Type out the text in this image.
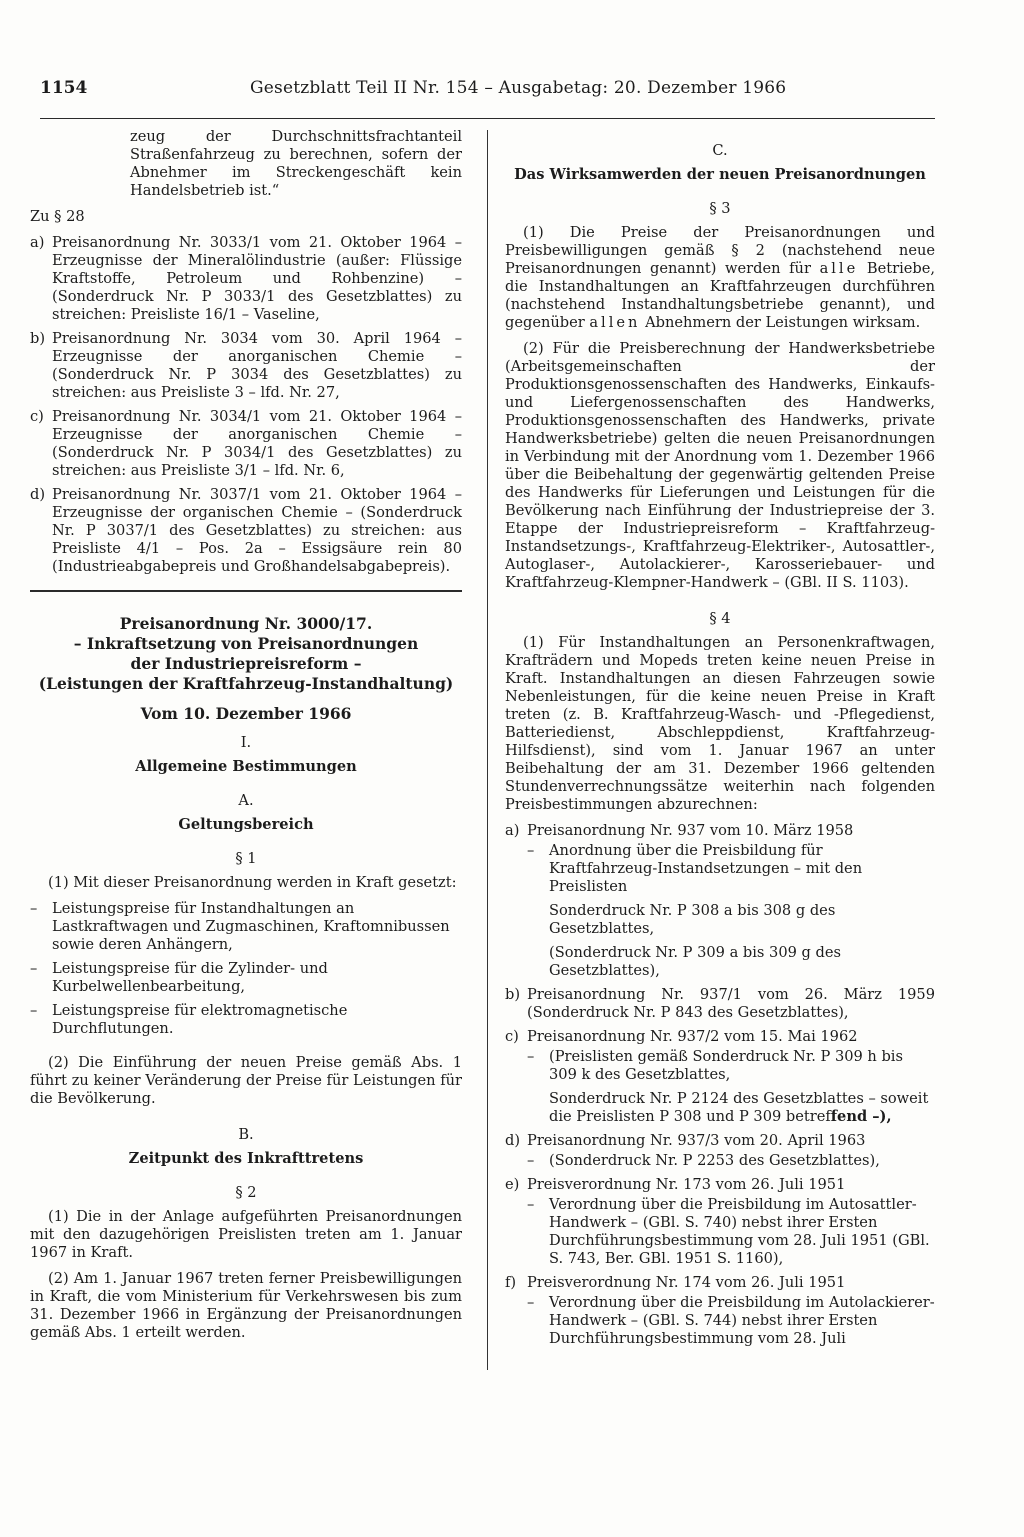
1154	Gesetzblatt Teil II Nr. 154 – Ausgabetag: 20. Dezember 1966

zeug der Durchschnittsfrachtanteil Straßenfahrzeug zu berechnen, sofern der Abnehmer im Streckengeschäft kein Handelsbetrieb ist.“

Zu § 28

a) Preisanordnung Nr. 3033/1 vom 21. Oktober 1964 – Erzeugnisse der Mineralölindustrie (außer: Flüssige Kraftstoffe, Petroleum und Rohbenzine) – (Sonderdruck Nr. P 3033/1 des Gesetzblattes) zu streichen: Preisliste 16/1 – Vaseline,
b) Preisanordnung Nr. 3034 vom 30. April 1964 – Erzeugnisse der anorganischen Chemie – (Sonderdruck Nr. P 3034 des Gesetzblattes) zu streichen: aus Preisliste 3 – lfd. Nr. 27,
c) Preisanordnung Nr. 3034/1 vom 21. Oktober 1964 – Erzeugnisse der anorganischen Chemie – (Sonderdruck Nr. P 3034/1 des Gesetzblattes) zu streichen: aus Preisliste 3/1 – lfd. Nr. 6,
d) Preisanordnung Nr. 3037/1 vom 21. Oktober 1964 – Erzeugnisse der organischen Chemie – (Sonderdruck Nr. P 3037/1 des Gesetzblattes) zu streichen: aus Preisliste 4/1 – Pos. 2a – Essigsäure rein 80 (Industrieabgabepreis und Großhandelsabgabepreis).

Preisanordnung Nr. 3000/17.

– Inkraftsetzung von Preisanordnungen

der Industriepreisreform –

(Leistungen der Kraftfahrzeug-Instandhaltung)

Vom 10. Dezember 1966

I.

Allgemeine Bestimmungen

A.

Geltungsbereich

§ 1

(1) Mit dieser Preisanordnung werden in Kraft gesetzt:

– Leistungspreise für Instandhaltungen an Lastkraftwagen und Zugmaschinen, Kraftomnibussen sowie deren Anhängern,
– Leistungspreise für die Zylinder- und Kurbelwellenbearbeitung,
– Leistungspreise für elektromagnetische Durchflutungen.

(2) Die Einführung der neuen Preise gemäß Abs. 1 führt zu keiner Veränderung der Preise für Leistungen für die Bevölkerung.

B.

Zeitpunkt des Inkrafttretens

§ 2

(1) Die in der Anlage aufgeführten Preisanordnungen mit den dazugehörigen Preislisten treten am 1. Januar 1967 in Kraft.

(2) Am 1. Januar 1967 treten ferner Preisbewilligungen in Kraft, die vom Ministerium für Verkehrswesen bis zum 31. Dezember 1966 in Ergänzung der Preisanordnungen gemäß Abs. 1 erteilt werden.

C.

Das Wirksamwerden der neuen Preisanordnungen

§ 3

(1) Die Preise der Preisanordnungen und Preisbewilligungen gemäß § 2 (nachstehend neue Preisanordnungen genannt) werden für alle Betriebe, die Instandhaltungen an Kraftfahrzeugen durchführen (nachstehend Instandhaltungsbetriebe genannt), und gegenüber allen Abnehmern der Leistungen wirksam.

(2) Für die Preisberechnung der Handwerksbetriebe (Arbeitsgemeinschaften der Produktionsgenossenschaften des Handwerks, Einkaufs- und Liefergenossenschaften des Handwerks, Produktionsgenossenschaften des Handwerks, private Handwerksbetriebe) gelten die neuen Preisanordnungen in Verbindung mit der Anordnung vom 1. Dezember 1966 über die Beibehaltung der gegenwärtig geltenden Preise des Handwerks für Lieferungen und Leistungen für die Bevölkerung nach Einführung der Industriepreise der 3. Etappe der Industriepreisreform – Kraftfahrzeug-Instandsetzungs-, Kraftfahrzeug-Elektriker-, Autosattler-, Autoglaser-, Autolackierer-, Karosseriebauer- und Kraftfahrzeug-Klempner-Handwerk – (GBl. II S. 1103).

§ 4

(1) Für Instandhaltungen an Personenkraftwagen, Krafträdern und Mopeds treten keine neuen Preise in Kraft. Instandhaltungen an diesen Fahrzeugen sowie Nebenleistungen, für die keine neuen Preise in Kraft treten (z. B. Kraftfahrzeug-Wasch- und -Pflegedienst, Batteriedienst, Abschleppdienst, Kraftfahrzeug-Hilfsdienst), sind vom 1. Januar 1967 an unter Beibehaltung der am 31. Dezember 1966 geltenden Stundenverrechnungssätze weiterhin nach folgenden Preisbestimmungen abzurechnen:

a) Preisanordnung Nr. 937 vom 10. März 1958
– Anordnung über die Preisbildung für Kraftfahrzeug-Instandsetzungen – mit den Preislisten
Sonderdruck Nr. P 308 a bis 308 g des Gesetzblattes,
(Sonderdruck Nr. P 309 a bis 309 g des Gesetzblattes),
b) Preisanordnung Nr. 937/1 vom 26. März 1959 (Sonderdruck Nr. P 843 des Gesetzblattes),
c) Preisanordnung Nr. 937/2 vom 15. Mai 1962
– (Preislisten gemäß Sonderdruck Nr. P 309 h bis 309 k des Gesetzblattes,
Sonderdruck Nr. P 2124 des Gesetzblattes – soweit die Preislisten P 308 und P 309 betreffend –),
d) Preisanordnung Nr. 937/3 vom 20. April 1963
– (Sonderdruck Nr. P 2253 des Gesetzblattes),
e) Preisverordnung Nr. 173 vom 26. Juli 1951
– Verordnung über die Preisbildung im Autosattler-Handwerk – (GBl. S. 740) nebst ihrer Ersten Durchführungsbestimmung vom 28. Juli 1951 (GBl. S. 743, Ber. GBl. 1951 S. 1160),
f) Preisverordnung Nr. 174 vom 26. Juli 1951
– Verordnung über die Preisbildung im Autolackierer-Handwerk – (GBl. S. 744) nebst ihrer Ersten Durchführungsbestimmung vom 28. Juli
